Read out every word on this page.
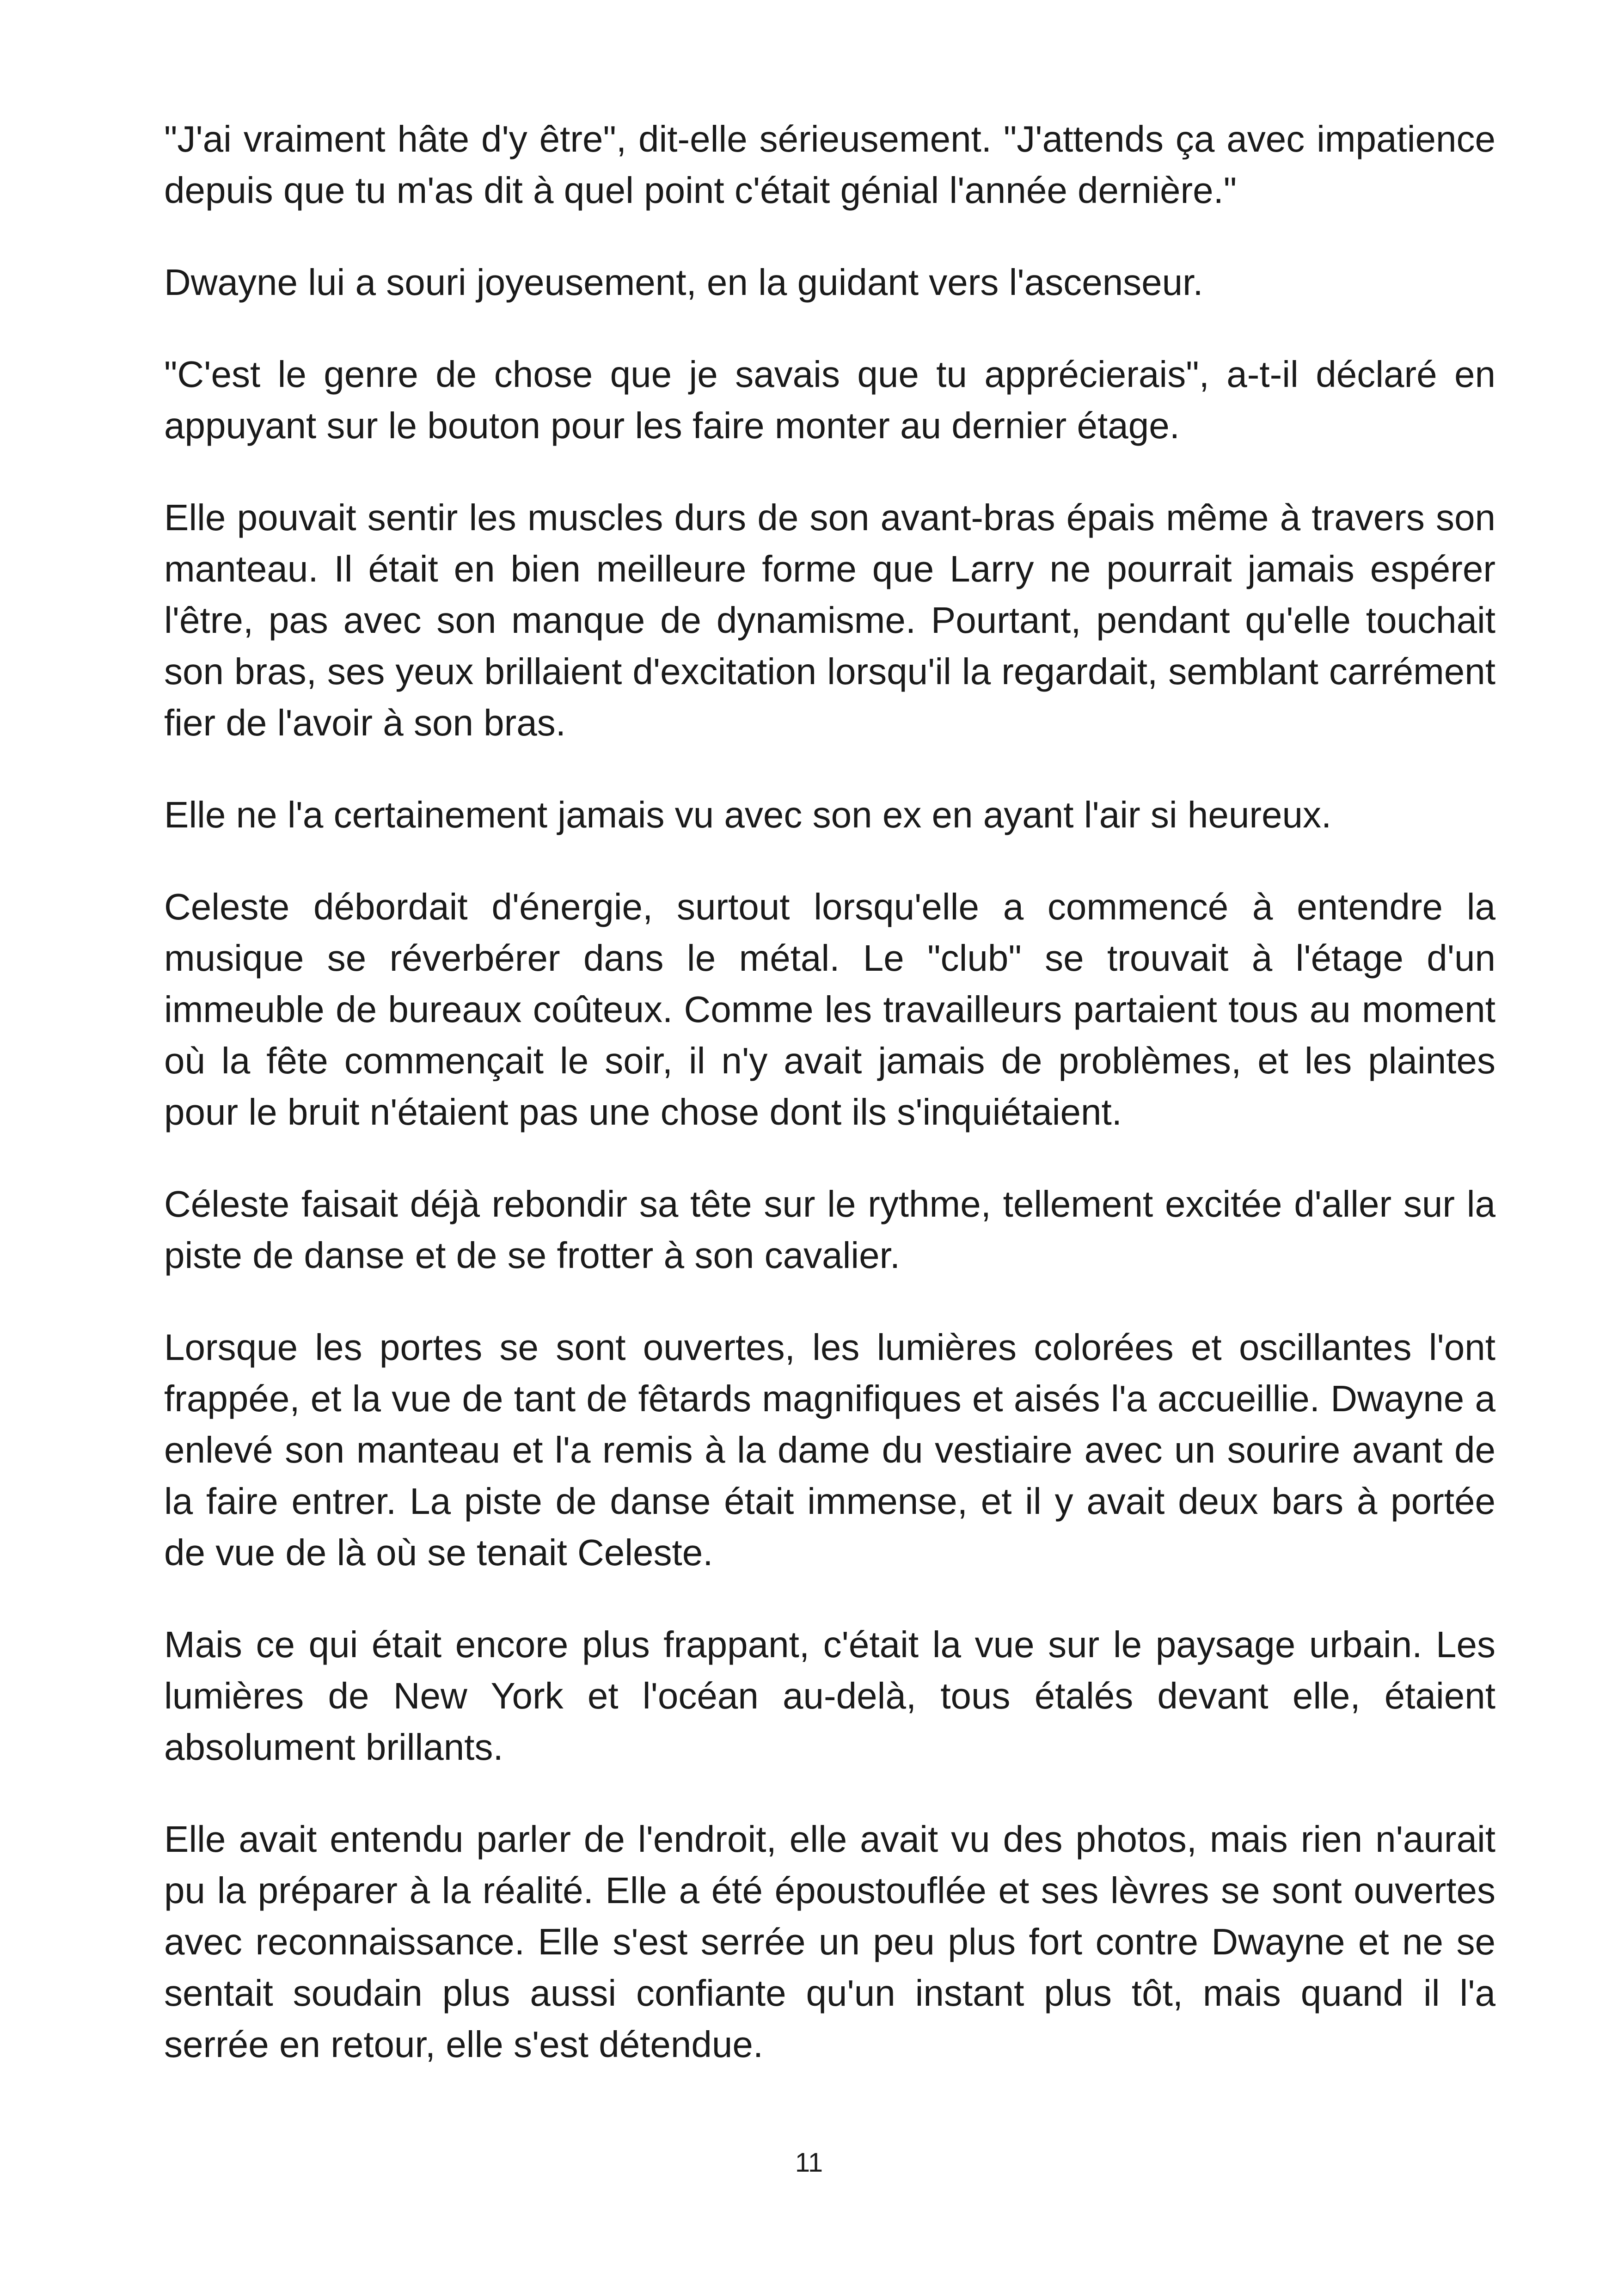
"J'ai vraiment hâte d'y être", dit-elle sérieusement. "J'attends ça avec impatience depuis que tu m'as dit à quel point c'était génial l'année dernière."

Dwayne lui a souri joyeusement, en la guidant vers l'ascenseur.

"C'est le genre de chose que je savais que tu apprécierais", a-t-il déclaré en appuyant sur le bouton pour les faire monter au dernier étage.

Elle pouvait sentir les muscles durs de son avant-bras épais même à travers son manteau. Il était en bien meilleure forme que Larry ne pourrait jamais espérer l'être, pas avec son manque de dynamisme. Pourtant, pendant qu'elle touchait son bras, ses yeux brillaient d'excitation lorsqu'il la regardait, semblant carrément fier de l'avoir à son bras.

Elle ne l'a certainement jamais vu avec son ex en ayant l'air si heureux.

Celeste débordait d'énergie, surtout lorsqu'elle a commencé à entendre la musique se réverbérer dans le métal. Le "club" se trouvait à l'étage d'un immeuble de bureaux coûteux. Comme les travailleurs partaient tous au moment où la fête commençait le soir, il n'y avait jamais de problèmes, et les plaintes pour le bruit n'étaient pas une chose dont ils s'inquiétaient.

Céleste faisait déjà rebondir sa tête sur le rythme, tellement excitée d'aller sur la piste de danse et de se frotter à son cavalier.

Lorsque les portes se sont ouvertes, les lumières colorées et oscillantes l'ont frappée, et la vue de tant de fêtards magnifiques et aisés l'a accueillie. Dwayne a enlevé son manteau et l'a remis à la dame du vestiaire avec un sourire avant de la faire entrer. La piste de danse était immense, et il y avait deux bars à portée de vue de là où se tenait Celeste.

Mais ce qui était encore plus frappant, c'était la vue sur le paysage urbain. Les lumières de New York et l'océan au-delà, tous étalés devant elle, étaient absolument brillants.

Elle avait entendu parler de l'endroit, elle avait vu des photos, mais rien n'aurait pu la préparer à la réalité. Elle a été époustouflée et ses lèvres se sont ouvertes avec reconnaissance. Elle s'est serrée un peu plus fort contre Dwayne et ne se sentait soudain plus aussi confiante qu'un instant plus tôt, mais quand il l'a serrée en retour, elle s'est détendue.

11
